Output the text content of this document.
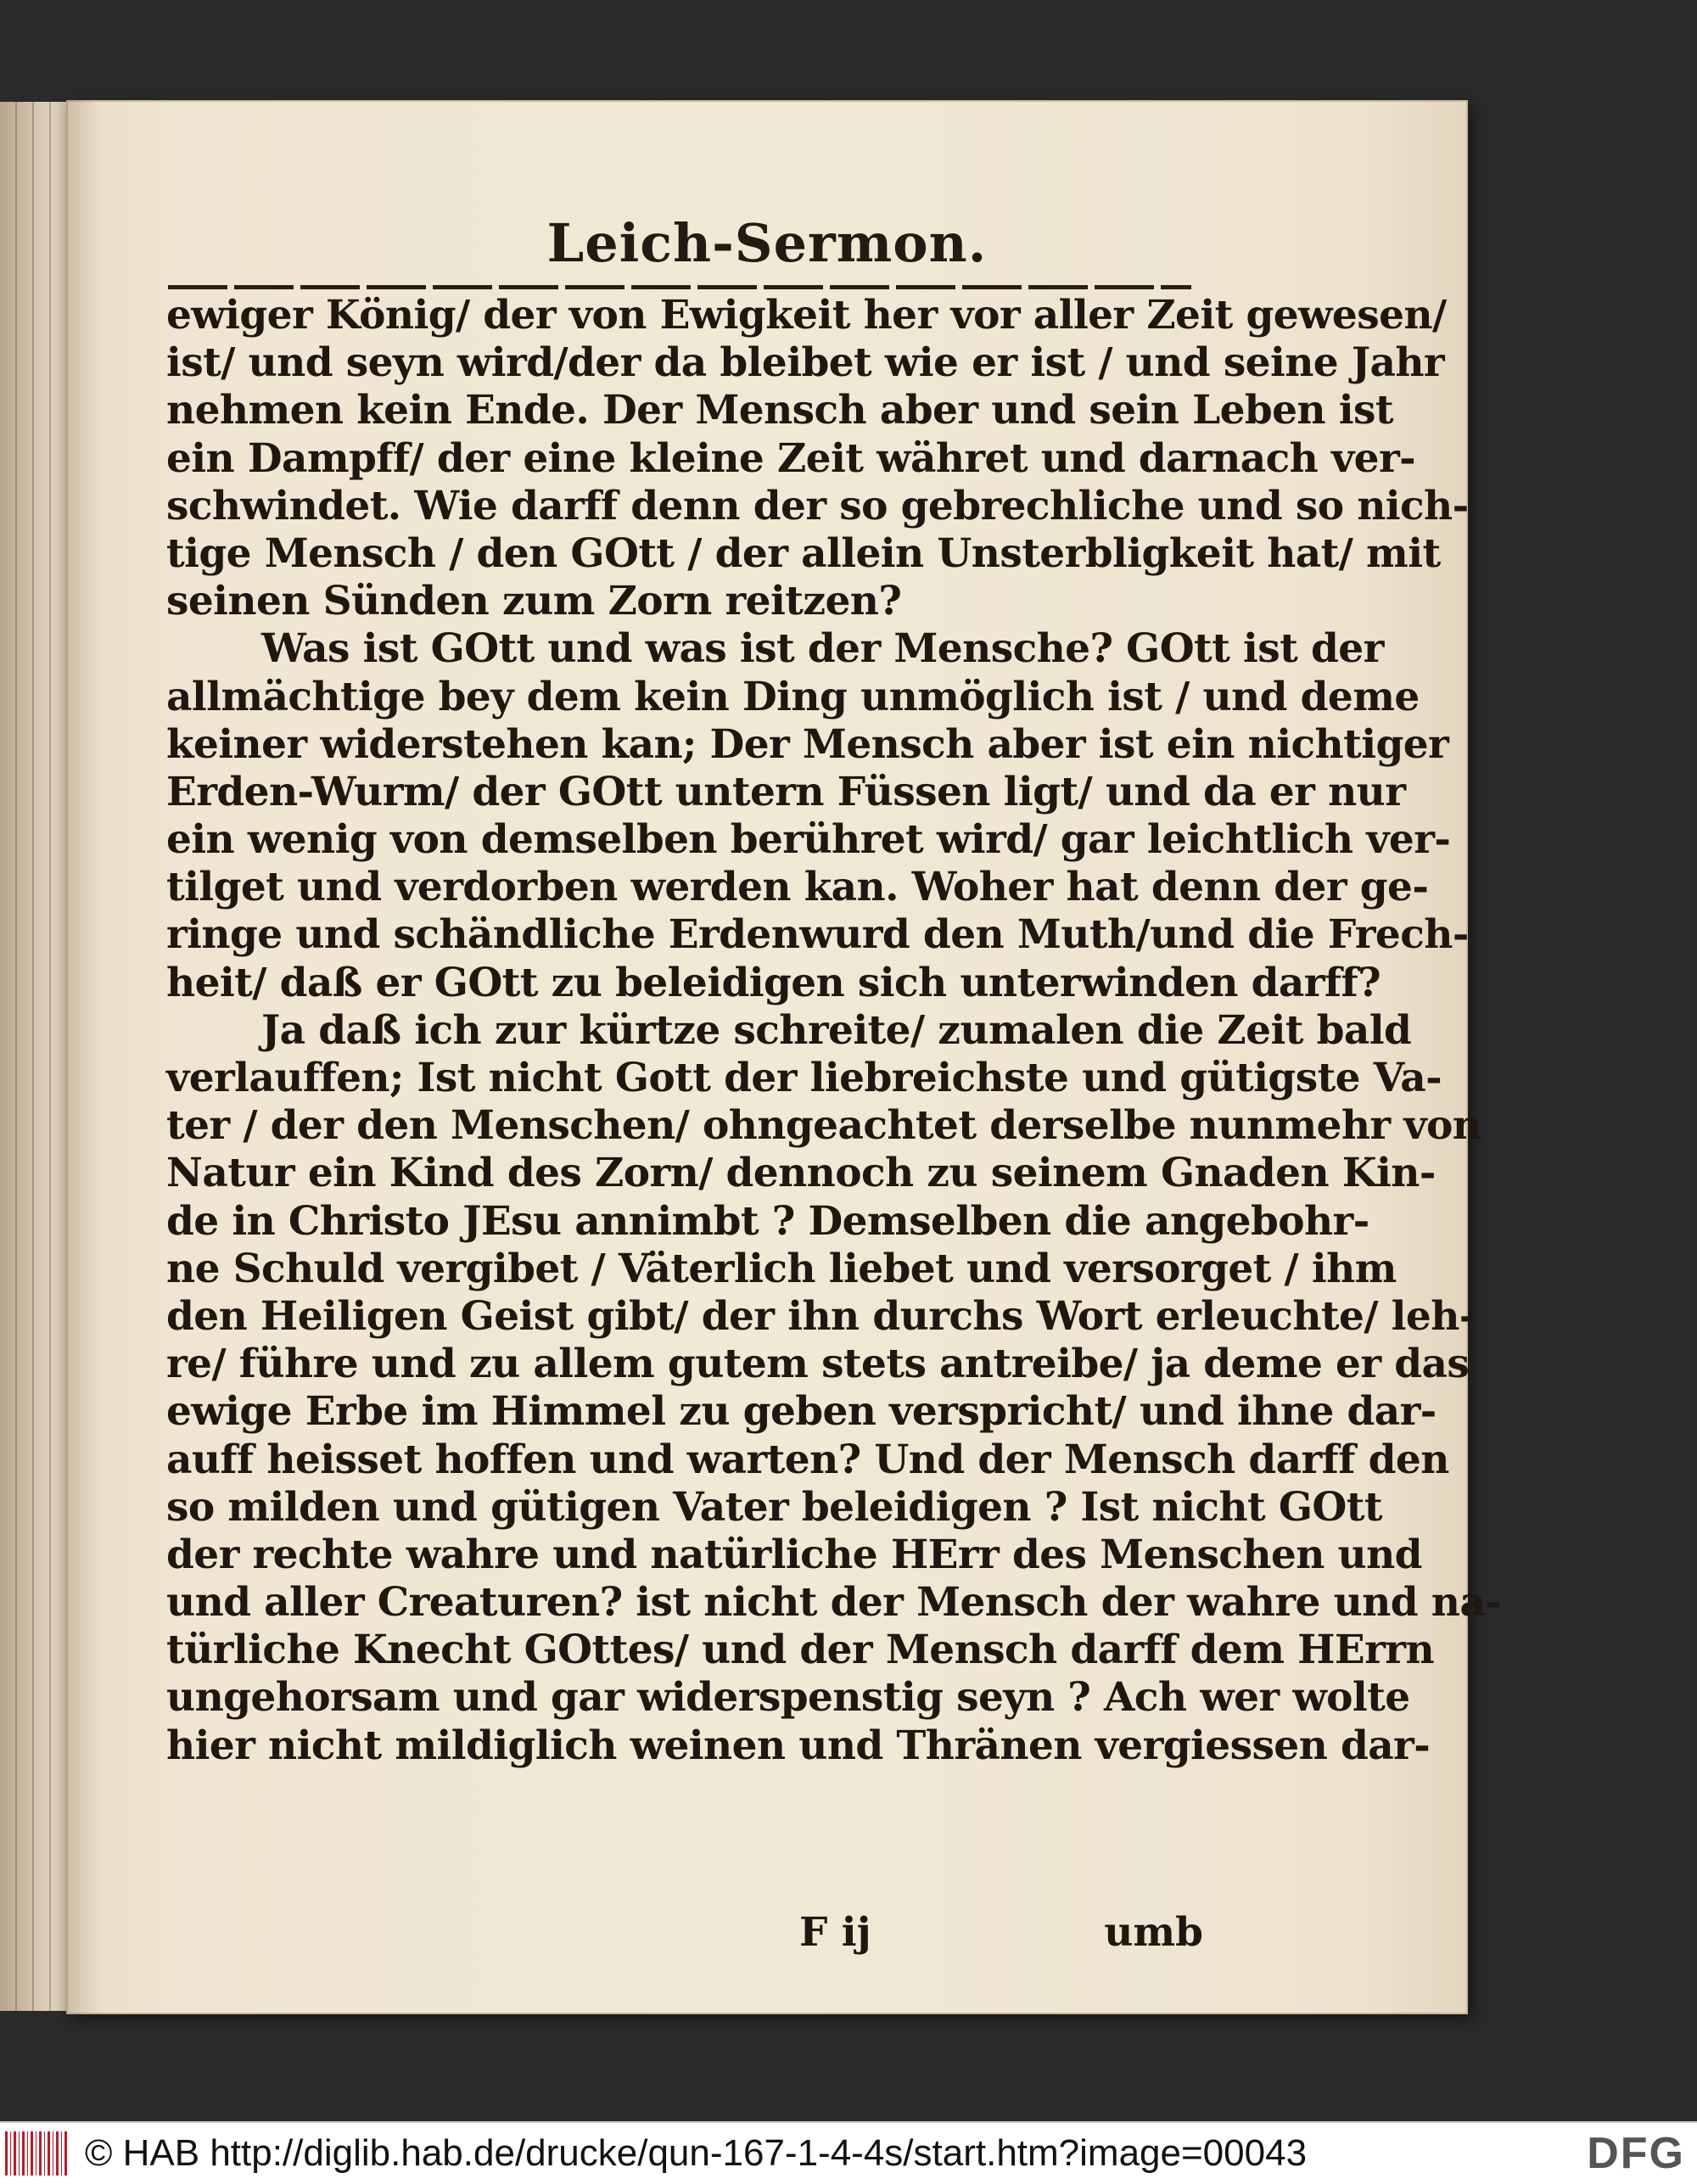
Leich-Sermon.
ewiger König/ der von Ewigkeit her vor aller Zeit gewesen/
ist/ und seyn wird/der da bleibet wie er ist / und seine Jahr
nehmen kein Ende. Der Mensch aber und sein Leben ist
ein Dampff/ der eine kleine Zeit währet und darnach ver-
schwindet. Wie darff denn der so gebrechliche und so nich-
tige Mensch / den GOtt / der allein Unsterbligkeit hat/ mit
seinen Sünden zum Zorn reitzen?
Was ist GOtt und was ist der Mensche? GOtt ist der
allmächtige bey dem kein Ding unmöglich ist / und deme
keiner widerstehen kan; Der Mensch aber ist ein nichtiger
Erden-Wurm/ der GOtt untern Füssen ligt/ und da er nur
ein wenig von demselben berühret wird/ gar leichtlich ver-
tilget und verdorben werden kan. Woher hat denn der ge-
ringe und schändliche Erdenwurd den Muth/und die Frech-
heit/ daß er GOtt zu beleidigen sich unterwinden darff?
Ja daß ich zur kürtze schreite/ zumalen die Zeit bald
verlauffen; Ist nicht Gott der liebreichste und gütigste Va-
ter / der den Menschen/ ohngeachtet derselbe nunmehr von
Natur ein Kind des Zorn/ dennoch zu seinem Gnaden Kin-
de in Christo JEsu annimbt ? Demselben die angebohr-
ne Schuld vergibet / Väterlich liebet und versorget / ihm
den Heiligen Geist gibt/ der ihn durchs Wort erleuchte/ leh-
re/ führe und zu allem gutem stets antreibe/ ja deme er das
ewige Erbe im Himmel zu geben verspricht/ und ihne dar-
auff heisset hoffen und warten? Und der Mensch darff den
so milden und gütigen Vater beleidigen ? Ist nicht GOtt
der rechte wahre und natürliche HErr des Menschen und
und aller Creaturen? ist nicht der Mensch der wahre und na-
türliche Knecht GOttes/ und der Mensch darff dem HErrn
ungehorsam und gar widerspenstig seyn ? Ach wer wolte
hier nicht mildiglich weinen und Thränen vergiessen dar-
F ij	umb
© HAB http://diglib.hab.de/drucke/qun-167-1-4-4s/start.htm?image=00043	DFG
